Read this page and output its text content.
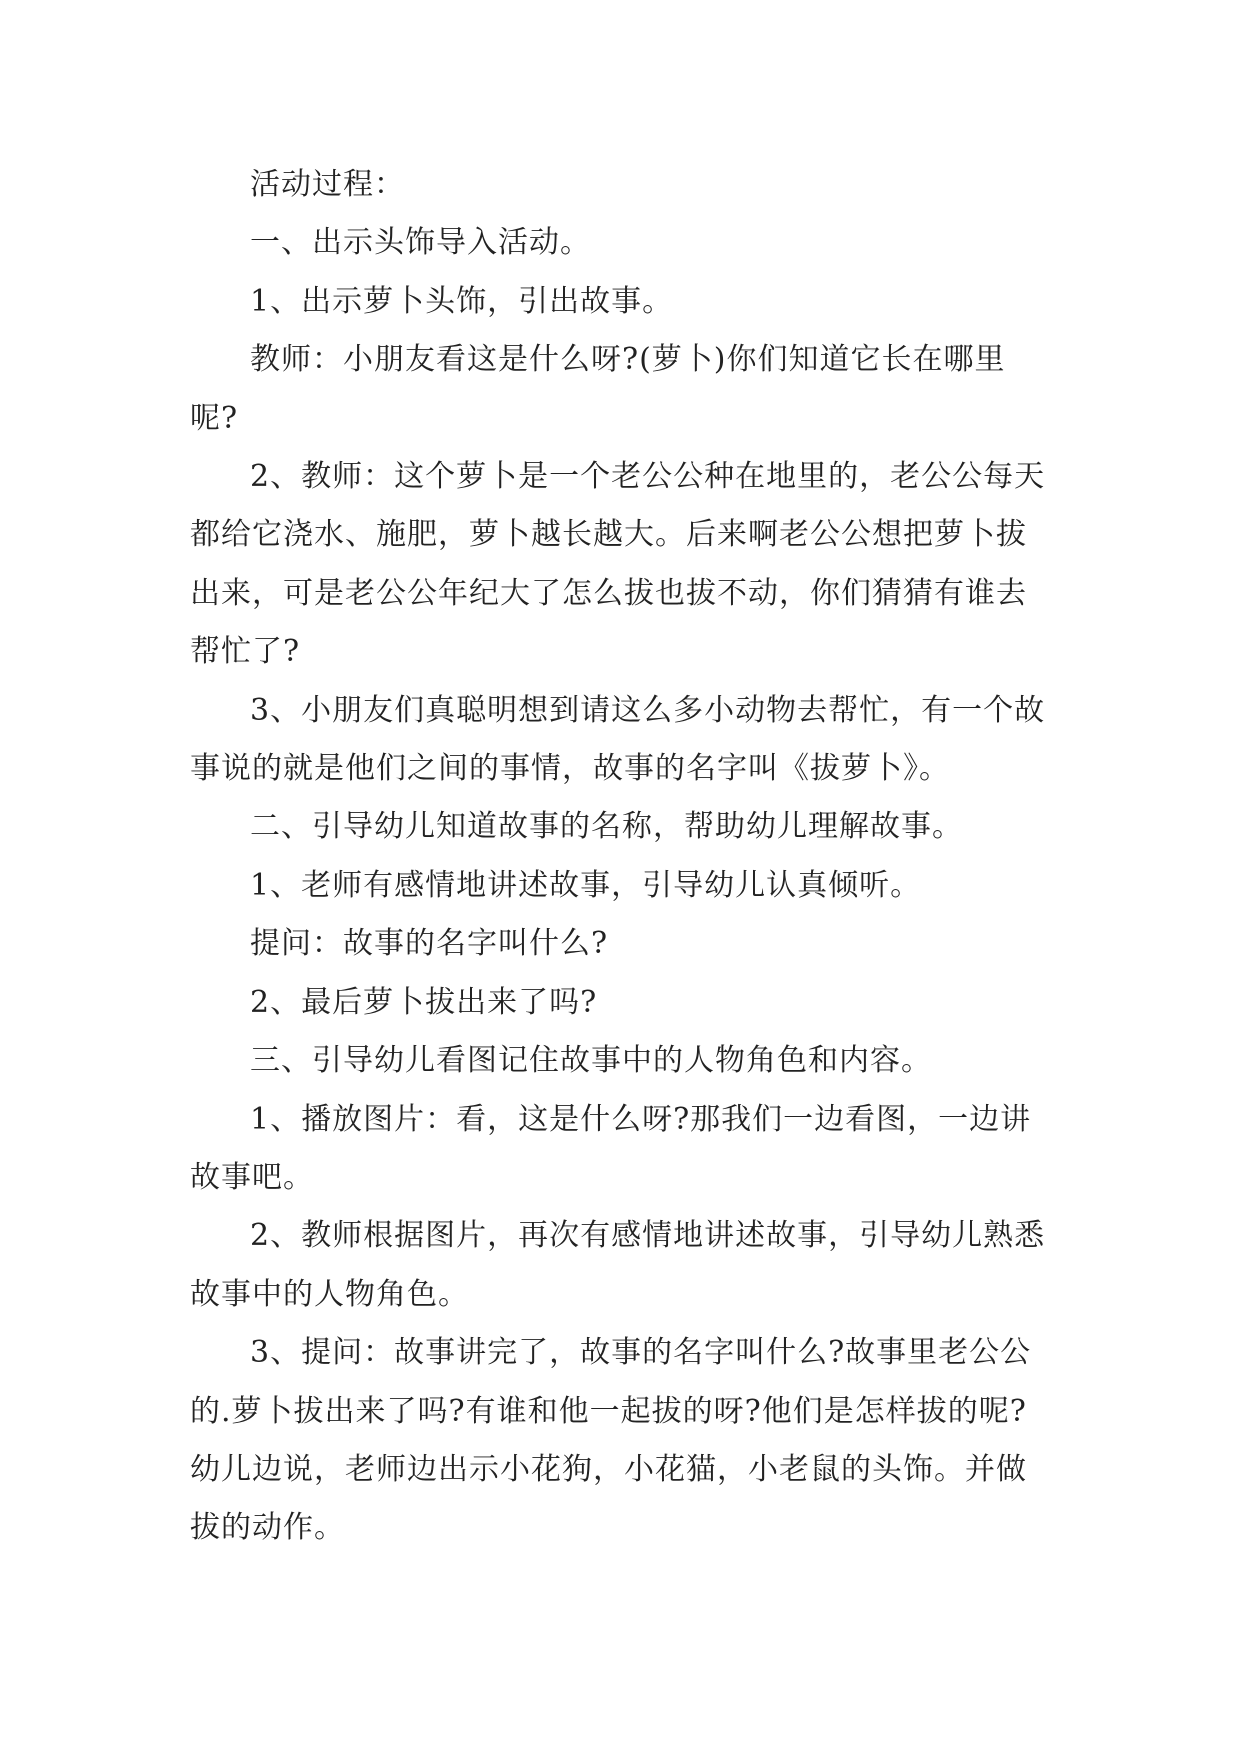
活动过程：

一、出示头饰导入活动。

1、出示萝卜头饰，引出故事。

教师：小朋友看这是什么呀?(萝卜)你们知道它长在哪里呢?

2、教师：这个萝卜是一个老公公种在地里的，老公公每天都给它浇水、施肥，萝卜越长越大。后来啊老公公想把萝卜拔出来，可是老公公年纪大了怎么拔也拔不动，你们猜猜有谁去帮忙了?

3、小朋友们真聪明想到请这么多小动物去帮忙，有一个故事说的就是他们之间的事情，故事的名字叫《拔萝卜》。

二、引导幼儿知道故事的名称，帮助幼儿理解故事。

1、老师有感情地讲述故事，引导幼儿认真倾听。

提问：故事的名字叫什么?

2、最后萝卜拔出来了吗?

三、引导幼儿看图记住故事中的人物角色和内容。

1、播放图片：看，这是什么呀?那我们一边看图，一边讲故事吧。

2、教师根据图片，再次有感情地讲述故事，引导幼儿熟悉故事中的人物角色。

3、提问：故事讲完了，故事的名字叫什么?故事里老公公的.萝卜拔出来了吗?有谁和他一起拔的呀?他们是怎样拔的呢?幼儿边说，老师边出示小花狗，小花猫，小老鼠的头饰。并做拔的动作。
